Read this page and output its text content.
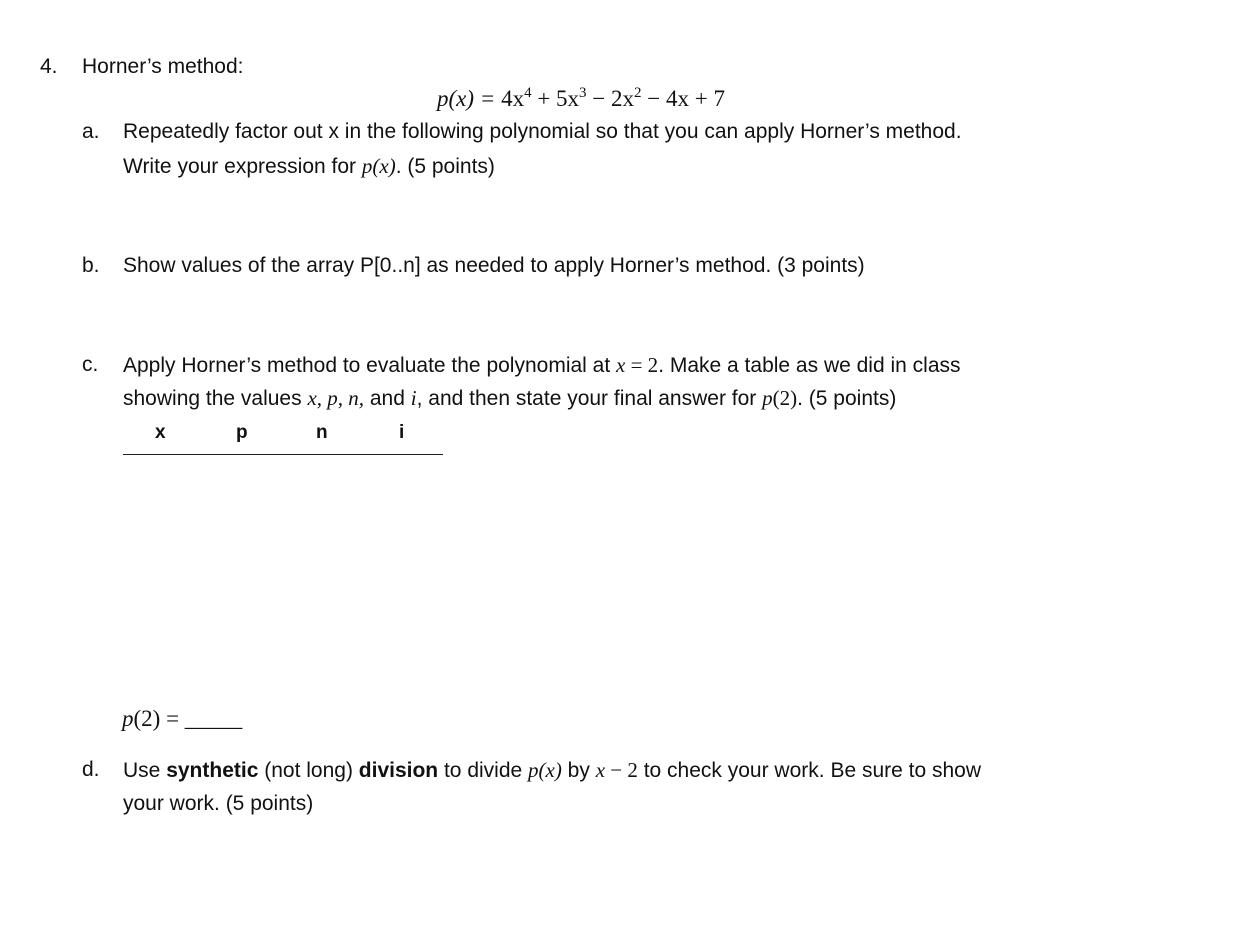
4. Horner’s method:
$p(x) = 4x^4 + 5x^3 - 2x^2 - 4x + 7$
a. Repeatedly factor out x in the following polynomial so that you can apply Horner’s method.
Write your expression for p(x). (5 points)
b. Show values of the array P[0..n] as needed to apply Horner’s method. (3 points)
c. Apply Horner’s method to evaluate the polynomial at x = 2. Make a table as we did in class
showing the values x, p, n, and i, and then state your final answer for p(2). (5 points)
x	p	n	i
p(2) = _____
d. Use synthetic (not long) division to divide p(x) by x − 2 to check your work. Be sure to show
your work. (5 points)
